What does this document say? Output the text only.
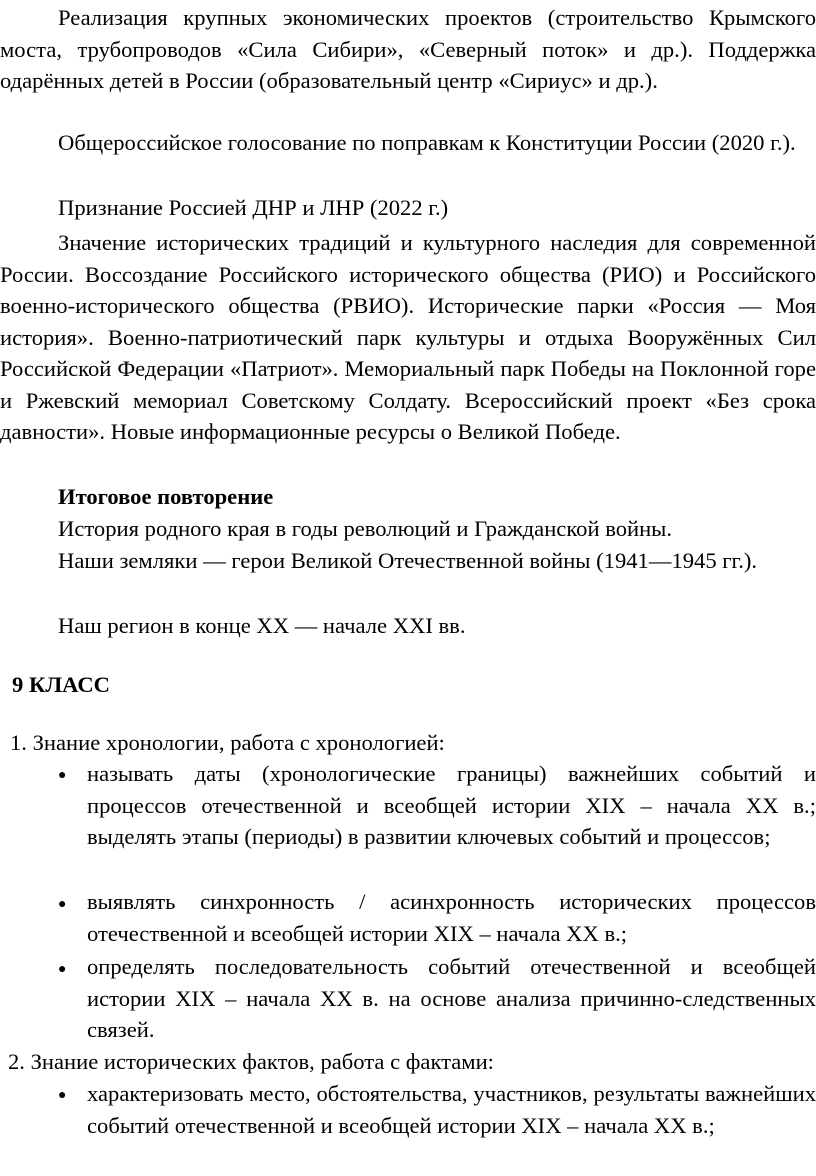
Реализация крупных экономических проектов (строительство Крымского моста, трубопроводов «Сила Сибири», «Северный поток» и др.). Поддержка одарённых детей в России (образовательный центр «Сириус» и др.).

Общероссийское голосование по поправкам к Конституции России (2020 г.).

Признание Россией ДНР и ЛНР (2022 г.)

Значение исторических традиций и культурного наследия для современной России. Воссоздание Российского исторического общества (РИО) и Российского военно-исторического общества (РВИО). Исторические парки «Россия — Моя история». Военно-патриотический парк культуры и отдыха Вооружённых Сил Российской Федерации «Патриот». Мемориальный парк Победы на Поклонной горе и Ржевский мемориал Советскому Солдату. Всероссийский проект «Без срока давности». Новые информационные ресурсы о Великой Победе.

Итоговое повторение

История родного края в годы революций и Гражданской войны.

Наши земляки — герои Великой Отечественной войны (1941—1945 гг.).

Наш регион в конце XX — начале XXI вв.

9 КЛАСС

1. Знание хронологии, работа с хронологией:

● называть даты (хронологические границы) важнейших событий и процессов отечественной и всеобщей истории XIX – начала XX в.; выделять этапы (периоды) в развитии ключевых событий и процессов;

● выявлять синхронность / асинхронность исторических процессов отечественной и всеобщей истории XIX – начала XX в.;

● определять последовательность событий отечественной и всеобщей истории XIX – начала XX в. на основе анализа причинно-следственных связей.

2. Знание исторических фактов, работа с фактами:

● характеризовать место, обстоятельства, участников, результаты важнейших событий отечественной и всеобщей истории XIX – начала XX в.;
